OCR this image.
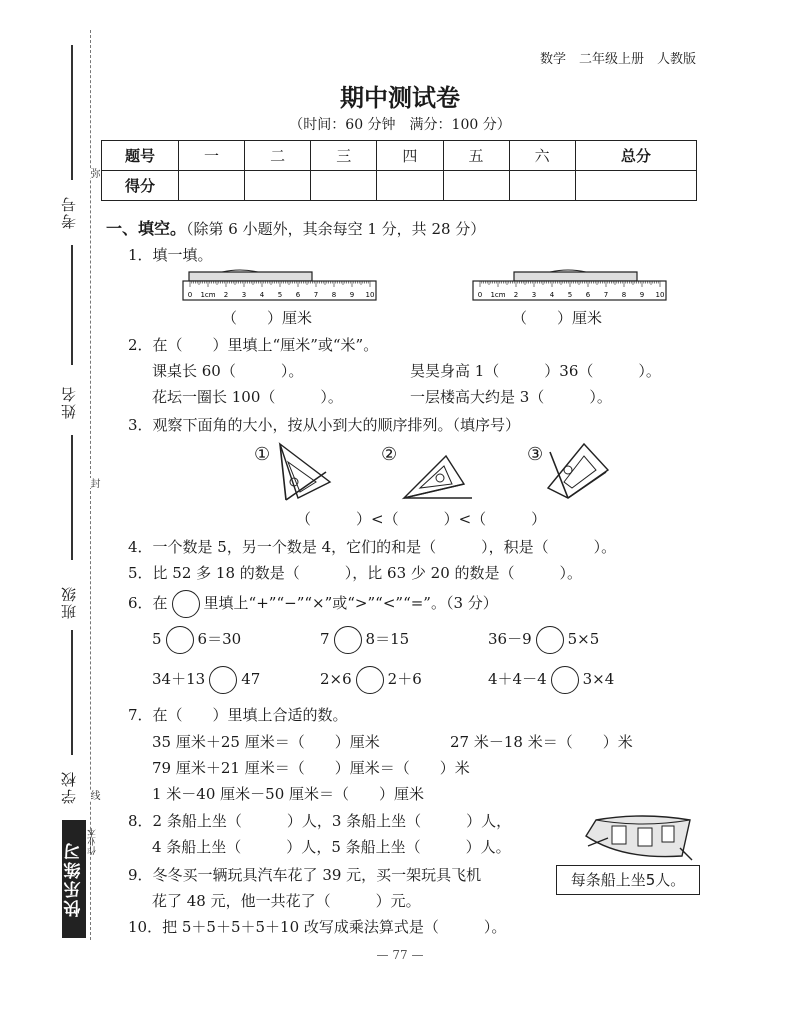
考号
姓名
班级
学校
弥
封
线
快乐练习 作业本
数学　二年级上册　人教版
期中测试卷
（时间：60 分钟　满分：100 分）
题号	一	二	三	四	五	六	总分
得分							
一、填空。（除第 6 小题外，其余每空 1 分，共 28 分）
1．填一填。
0 1cm 2 3 4 5 6 7 8 9 10	0 1cm 2 3 4 5 6 7 8 9 10
（　　）厘米	（　　）厘米
2．在（　　）里填上“厘米”或“米”。
课桌长 60（　　　）。	昊昊身高 1（　　　）36（　　　）。
花坛一圈长 100（　　　）。	一层楼高大约是 3（　　　）。
3．观察下面角的大小，按从小到大的顺序排列。（填序号）
①	②	③
（　　　）<（　　　）<（　　　）
4．一个数是 5，另一个数是 4，它们的和是（　　　），积是（　　　）。
5．比 52 多 18 的数是（　　　），比 63 少 20 的数是（　　　）。
6．在 里填上“+”“−”“×”或“>”“<”“=”。（3 分）
5 6＝30	7 8＝15	36－9 5×5
34＋13 47	2×6 2＋6	4＋4－4 3×4
7．在（　　）里填上合适的数。
35 厘米＋25 厘米＝（　　）厘米	27 米－18 米＝（　　）米
79 厘米＋21 厘米＝（　　）厘米＝（　　）米
1 米－40 厘米－50 厘米＝（　　）厘米
8．2 条船上坐（　　　）人，3 条船上坐（　　　）人，
4 条船上坐（　　　）人，5 条船上坐（　　　）人。
每条船上坐5人。
9．冬冬买一辆玩具汽车花了 39 元，买一架玩具飞机
花了 48 元，他一共花了（　　　）元。
10．把 5＋5＋5＋5＋10 改写成乘法算式是（　　　）。
— 77 —
